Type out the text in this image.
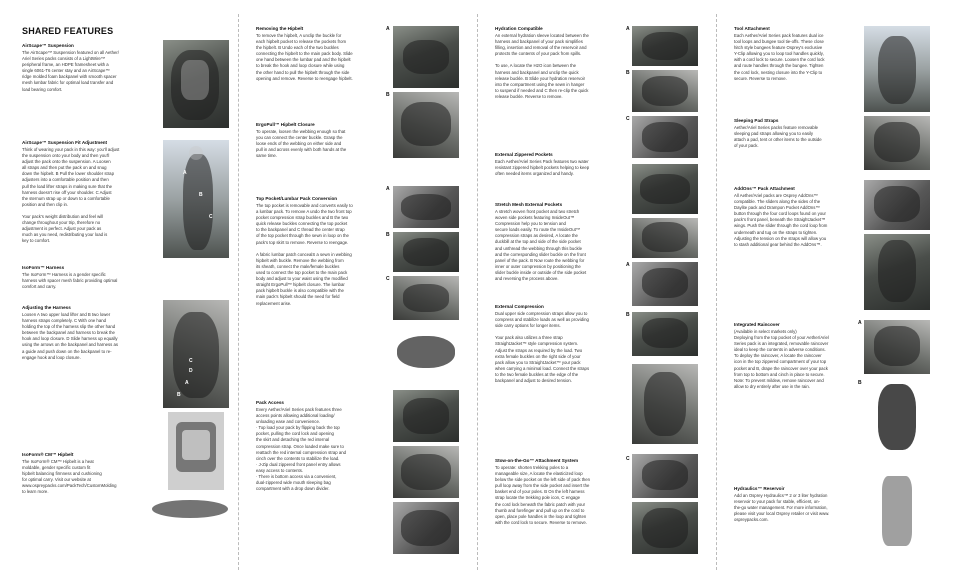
SHARED FEATURES
AirScape™ Suspension
The AirScape™ Suspension featured on all Aether/
Ariel Series packs consists of a LightWire™
peripheral frame, an HDPE framesheet with a
single 6061-T6 center stay and an AirScape™
ridge molded foam backpanel with smooth spacer
mesh lumbar fabric for optimal load transfer and
load bearing comfort.
AirScape™ Suspension Fit Adjustment
Think of wearing your pack in this way: you'll adjust
the suspension onto your body and then you'll
adjust the pack onto the suspension. A Loosen
all straps and then put the pack on and snug
down the hipbelt. B Pull the lower shoulder strap
adjusters into a comfortable position and then
pull the load lifter straps in making sure that the
harness doesn't rise off your shoulder. C Adjust
the sternum strap up or down to a comfortable
position and then clip in.

Your pack's weight distribution and feel will
change throughout your trip, therefore no
adjustment is perfect. Adjust your pack as
much as you need, redistributing your load is
key to comfort.
A
B
C
IsoForm™ Harness
The IsoForm™ Harness is a gender specific
harness with spacer mesh fabric providing optimal
comfort and carry.
Adjusting the Harness
Loosen A two upper load lifter and B two lower
harness straps completely. C With one hand
holding the top of the harness slip the other hand
between the backpanel and harness to break the
hook and loop closure. D Slide harness up equally
using the arrows on the backpanel and harness as
a guide and push down on the backpanel to re-
engage hook and loop closure.
C
D
A
B
IsoForm® CM™ Hipbelt
The IsoForm® CM™ Hipbelt is a heat
moldable, gender specific custom fit
hipbelt balancing firmness and cushioning
for optimal carry. Visit our website at
www.ospreypacks.com/PackTech/CustomMolding
to learn more.
Removing the Hipbelt
To remove the hipbelt, A unclip the buckle for
each hipbelt pocket to release the pockets from
the hipbelt. B Undo each of the two buckles
connecting the hipbelt to the main pack body. Slide
one hand between the lumbar pad and the hipbelt
to break the hook and loop closure while using
the other hand to pull the hipbelt through the side
opening and remove. Reverse to reengage hipbelt.
A
B
ErgoPull™ Hipbelt Closure
To operate, loosen the webbing enough so that
you can connect the center buckle. Grasp the
loose ends of the webbing on either side and
pull in and across evenly with both hands at the
same time.
Top Pocket/Lumbar Pack Conversion
The top pocket is removable and converts easily to
a lumbar pack. To remove A undo the two front top
pocket compression strap buckles and B the two
quick release buckles connecting the top pocket
to the backpanel and C thread the center strap
of the top pocket through the sewn in loop on the
pack's top skirt to remove. Reverse to reengage.

A fabric lumbar patch concealS a sewn in webbing
hipbelt with buckle. Remove the webbing from
its sheath, connect the male/female buckles
used to connect the top pocket to the main pack
body and adjust to your waist using the modified
straight ErgoPull™ hipbelt closure. The lumbar
pack hipbelt buckle is also compatible with the
main pack's hipbelt should the need for field
replacement arise.
A
B
C
Pack Access
Every Aether/Ariel Series pack features three
access points allowing additional loading/
unloading ease and convenience.
· Top load your pack by flipping back the top
pocket, pulling the cord lock and opening
the skirt and detaching the red internal
compression strap. Once loaded make sure to
reattach the red internal compression strap and
cinch over the contents to stabilize the load.
· J-Zip dual zippered front panel entry allows
easy access to contents.
· There is bottom access via a convenient,
dual-zippered wide mouth sleeping bag
compartment with a drop down divider.
Hydration Compatible
An external hydration sleeve located between the
harness and backpanel of your pack simplifies
filling, insertion and removal of the reservoir and
protects the contents of your pack from spills.

To use, A locate the H2O icon between the
harness and backpanel and unclip the quick
release buckle. B Slide your hydration reservoir
into the compartment using the sewn in hanger
to suspend if needed and C then re-clip the quick
release buckle. Reverse to remove.
A
B
C
External Zippered Pockets
Each Aether/Ariel Series Pack features two water
resistant zippered hipbelt pockets helping to keep
often needed items organized and handy.
Stretch Mesh External Pockets
A stretch woven front pocket and two stretch
woven side pockets featuring InsideOut™
Compression help you to tension and
secure loads easily. To route the InsideOut™
compression straps as desired, A locate the
duckbill at the top and side of the side pocket
and unthread the webbing through this buckle
and the corresponding slider buckle on the front
panel of the pack. B Now route the webbing for
inner or outer compression by positioning the
slider buckle inside or outside of the side pocket
and reversing the process above.
A
B
External Compression
Dual upper side compression straps allow you to
compress and stabilize loads as well as providing
side carry options for longer items.

Your pack also utilizes a three strap
StraightJacket™ style compression system.
Adjust the straps as required by the load. Two
extra female buckles on the right side of your
pack allow you to StraightJacket™ your pack
when carrying a minimal load. Connect the straps
to the two female buckles at the edge of the
backpanel and adjust to desired tension.
Stow-on-the-Go™ Attachment System
To operate: shorten trekking poles to a
manageable size, A locate the elasticized loop
below the side pocket on the left side of pack then
pull loop away from the side pocket and insert the
basket end of your poles. B On the left harness
strap locate the trekking pole icon, C engage
the cord lock beneath the fabric patch with your
thumb and forefinger and pull up on the cord to
open, place pole handles in the loop and tighten
with the cord lock to secure. Reverse to remove.
C
Tool Attachment
Each Aether/Ariel Series pack features dual ice
tool loops and bungee tool tie-offs. These close
hitch style bungees feature Osprey's exclusive
Y-Clip allowing you to loop tool handles quickly,
with a cord lock to secure. Loosen the cord lock
and route handles through the bungee. Tighten
the cord lock, nesting closure into the Y-Clip to
secure. Reverse to remove.
Sleeping Pad Straps
Aether/Ariel Series packs feature removable
sleeping pad straps allowing you to easily
attach a pad, tent or other items to the outside
of your pack.
AddOns™ Pack Attachment
All Aether/Ariel packs are Osprey AddOns™
compatible. The sliders along the sides of the
Daylite pack and Drampon Pocket AddOns™
button through the four cord loops found on your
pack's front panel, beneath the StraightJacket™
wings. Push the slider through the cord loop from
underneath and tug on the straps to tighten.
Adjusting the tension on the straps will allow you
to stash additional gear behind the AddOns™.
Integrated Raincover
(Available in select markets only)
Deploying from the top pocket of your Aether/Ariel
Series pack is an integrated, removable raincover
ideal to keep the contents in adverse conditions.
To deploy the raincover, A locate the raincover
icon in the top zippered compartment of your top
pocket and B, drape the raincover over your pack
from top to bottom and cinch in place to secure.
Note: To prevent mildew, remove raincover and
allow to dry entirely after use in the rain.
A
B
Hydraulics™ Reservoir
Add an Osprey Hydraulics™ 2 or 3 liter hydration
reservoir to your pack for stable, efficient, on-
the-go water management. For more information,
please visit your local Osprey retailer or visit www.
ospreypacks.com.
